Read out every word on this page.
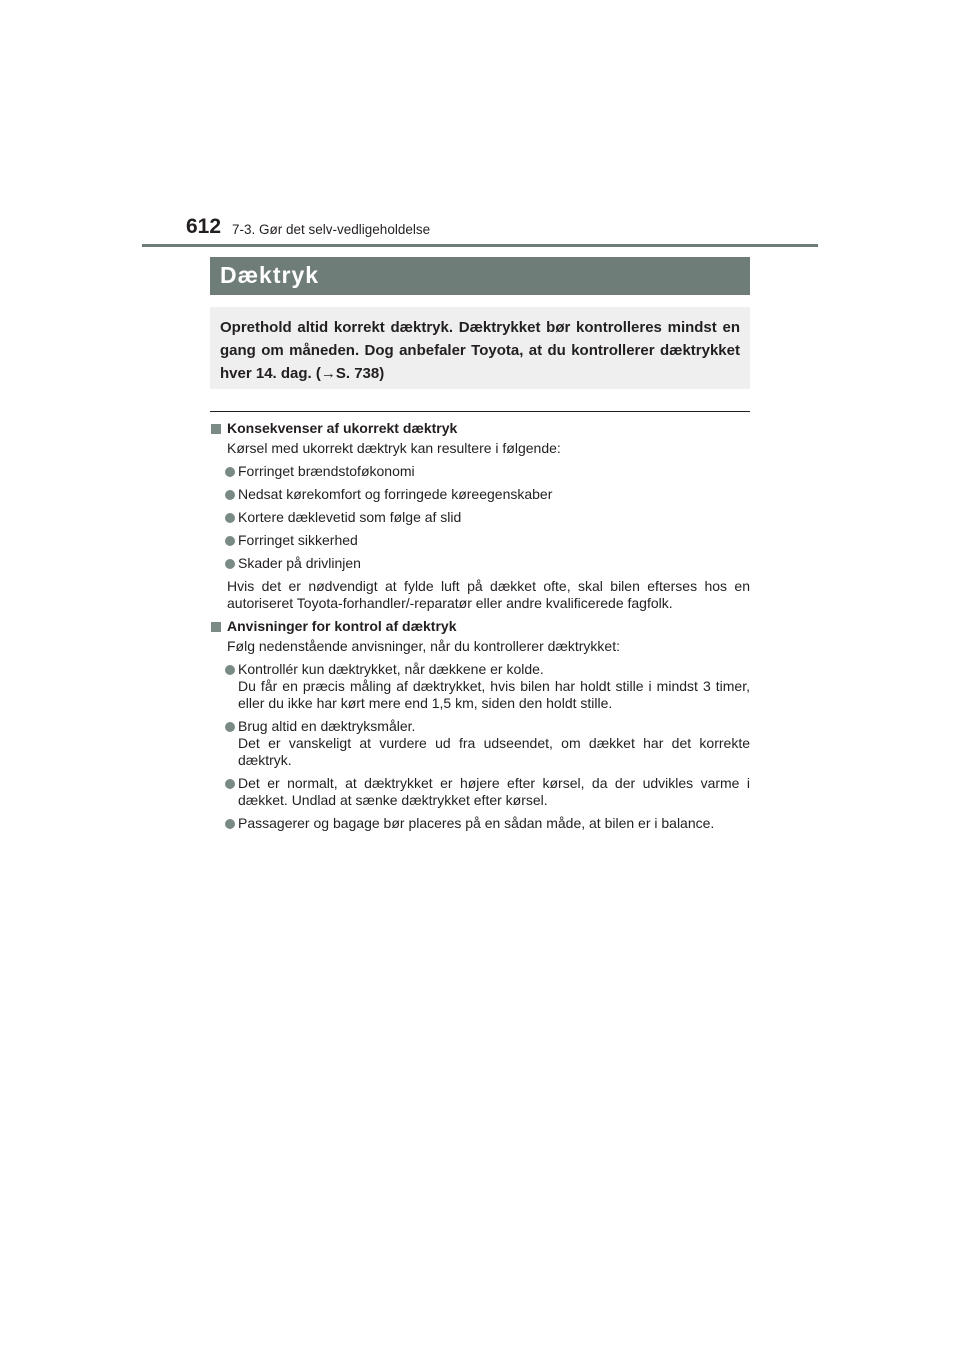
612 7-3. Gør det selv-vedligeholdelse
Dæktryk
Oprethold altid korrekt dæktryk. Dæktrykket bør kontrolleres mindst en gang om måneden. Dog anbefaler Toyota, at du kontrollerer dæktrykket hver 14. dag. (→S. 738)
Konsekvenser af ukorrekt dæktryk
Kørsel med ukorrekt dæktryk kan resultere i følgende:
Forringet brændstoføkonomi
Nedsat kørekomfort og forringede køreegenskaber
Kortere dæklevetid som følge af slid
Forringet sikkerhed
Skader på drivlinjen
Hvis det er nødvendigt at fylde luft på dækket ofte, skal bilen efterses hos en autoriseret Toyota-forhandler/-reparatør eller andre kvalificerede fagfolk.
Anvisninger for kontrol af dæktryk
Følg nedenstående anvisninger, når du kontrollerer dæktrykket:
Kontrollér kun dæktrykket, når dækkene er kolde.
Du får en præcis måling af dæktrykket, hvis bilen har holdt stille i mindst 3 timer, eller du ikke har kørt mere end 1,5 km, siden den holdt stille.
Brug altid en dæktryksmåler.
Det er vanskeligt at vurdere ud fra udseendet, om dækket har det korrekte dæktryk.
Det er normalt, at dæktrykket er højere efter kørsel, da der udvikles varme i dækket. Undlad at sænke dæktrykket efter kørsel.
Passagerer og bagage bør placeres på en sådan måde, at bilen er i balance.
